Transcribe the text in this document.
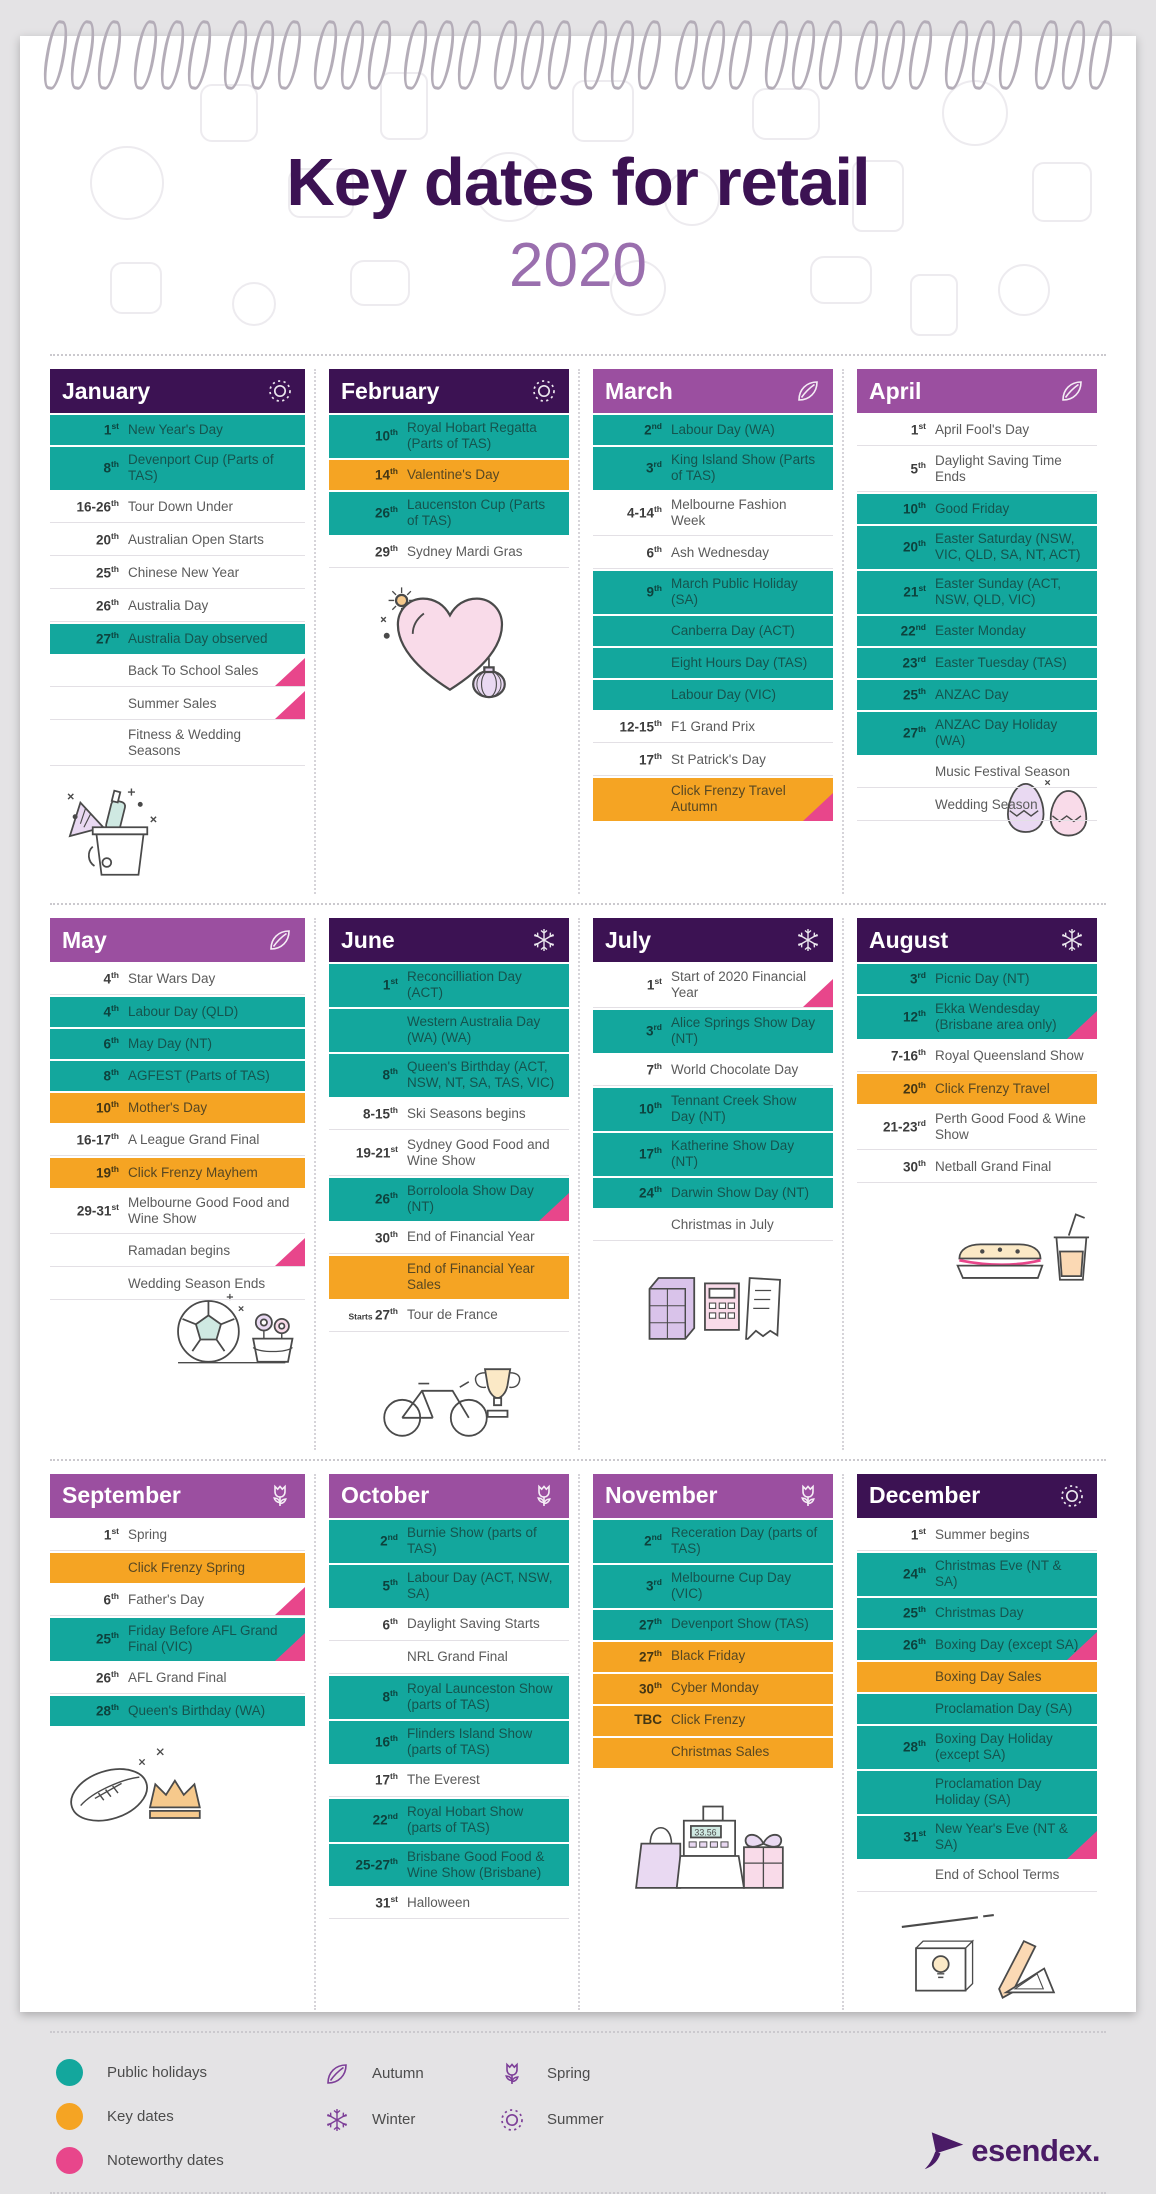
Key dates for retail
2020
January
1st New Year's Day
8th Devenport Cup (Parts of TAS)
16-26th Tour Down Under
20th Australian Open Starts
25th Chinese New Year
26th Australia Day
27th Australia Day observed
Back To School Sales
Summer Sales
Fitness & Wedding Seasons
February
10th Royal Hobart Regatta (Parts of TAS)
14th Valentine's Day
26th Laucenston Cup (Parts of TAS)
29th Sydney Mardi Gras
March
2nd Labour Day (WA)
3rd King Island Show (Parts of TAS)
4-14th Melbourne Fashion Week
6th Ash Wednesday
9th March Public Holiday (SA)
Canberra Day (ACT)
Eight Hours Day (TAS)
Labour Day (VIC)
12-15th F1 Grand Prix
17th St Patrick's Day
Click Frenzy Travel Autumn
April
1st April Fool's Day
5th Daylight Saving Time Ends
10th Good Friday
20th Easter Saturday (NSW, VIC, QLD, SA, NT, ACT)
21st Easter Sunday (ACT, NSW, QLD, VIC)
22nd Easter Monday
23rd Easter Tuesday (TAS)
25th ANZAC Day
27th ANZAC Day Holiday (WA)
Music Festival Season
Wedding Season
May
4th Star Wars Day
4th Labour Day (QLD)
6th May Day (NT)
8th AGFEST (Parts of TAS)
10th Mother's Day
16-17th A League Grand Final
19th Click Frenzy Mayhem
29-31st Melbourne Good Food and Wine Show
Ramadan begins
Wedding Season Ends
June
1st Reconcilliation Day (ACT)
Western Australia Day (WA) (WA)
8th Queen's Birthday (ACT, NSW, NT, SA, TAS, VIC)
8-15th Ski Seasons begins
19-21st Sydney Good Food and Wine Show
26th Borroloola Show Day (NT)
30th End of Financial Year
End of Financial Year Sales
Starts 27th Tour de France
July
1st Start of 2020 Financial Year
3rd Alice Springs Show Day (NT)
7th World Chocolate Day
10th Tennant Creek Show Day (NT)
17th Katherine Show Day (NT)
24th Darwin Show Day (NT)
Christmas in July
August
3rd Picnic Day (NT)
12th Ekka Wendesday (Brisbane area only)
7-16th Royal Queensland Show
20th Click Frenzy Travel
21-23rd Perth Good Food & Wine Show
30th Netball Grand Final
September
1st Spring
Click Frenzy Spring
6th Father's Day
25th Friday Before AFL Grand Final (VIC)
26th AFL Grand Final
28th Queen's Birthday (WA)
October
2nd Burnie Show (parts of TAS)
5th Labour Day (ACT, NSW, SA)
6th Daylight Saving Starts
NRL Grand Final
8th Royal Launceston Show (parts of TAS)
16th Flinders Island Show (parts of TAS)
17th The Everest
22nd Royal Hobart Show (parts of TAS)
25-27th Brisbane Good Food & Wine Show (Brisbane)
31st Halloween
November
2nd Receration Day (parts of TAS)
3rd Melbourne Cup Day (VIC)
27th Devenport Show (TAS)
27th Black Friday
30th Cyber Monday
TBC Click Frenzy
Christmas Sales
33.56
December
1st Summer begins
24th Christmas Eve (NT & SA)
25th Christmas Day
26th Boxing Day (except SA)
Boxing Day Sales
Proclamation Day (SA)
28th Boxing Day Holiday (except SA)
Proclamation Day Holiday (SA)
31st New Year's Eve (NT & SA)
End of School Terms
Public holidays
Key dates
Noteworthy dates
Autumn	Spring
Winter	Summer
esendex.
